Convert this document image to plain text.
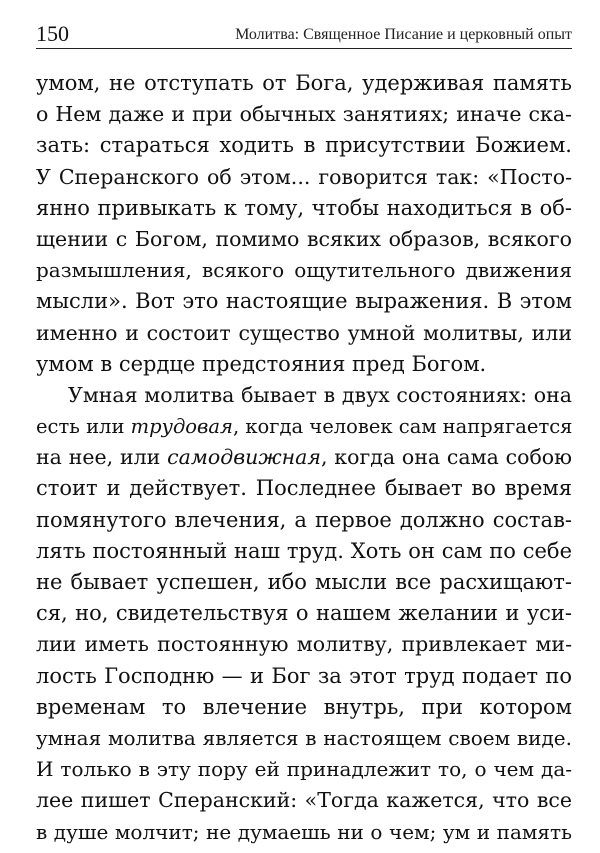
150	Молитва: Священное Писание и церковный опыт
умом, не отступать от Бога, удерживая память
о Нем даже и при обычных занятиях; иначе ска-
зать: стараться ходить в присутствии Божием.
У Сперанского об этом... говорится так: «Посто-
янно привыкать к тому, чтобы находиться в об-
щении с Богом, помимо всяких образов, всякого
размышления, всякого ощутительного движения
мысли». Вот это настоящие выражения. В этом
именно и состоит существо умной молитвы, или
умом в сердце предстояния пред Богом.
Умная молитва бывает в двух состояниях: она
есть или трудовая, когда человек сам напрягается
на нее, или самодвижная, когда она сама собою
стоит и действует. Последнее бывает во время
помянутого влечения, а первое должно состав-
лять постоянный наш труд. Хоть он сам по себе
не бывает успешен, ибо мысли все расхищают-
ся, но, свидетельствуя о нашем желании и уси-
лии иметь постоянную молитву, привлекает ми-
лость Господню — и Бог за этот труд подает по
временам то влечение внутрь, при котором
умная молитва является в настоящем своем виде.
И только в эту пору ей принадлежит то, о чем да-
лее пишет Сперанский: «Тогда кажется, что все
в душе молчит; не думаешь ни о чем; ум и память
